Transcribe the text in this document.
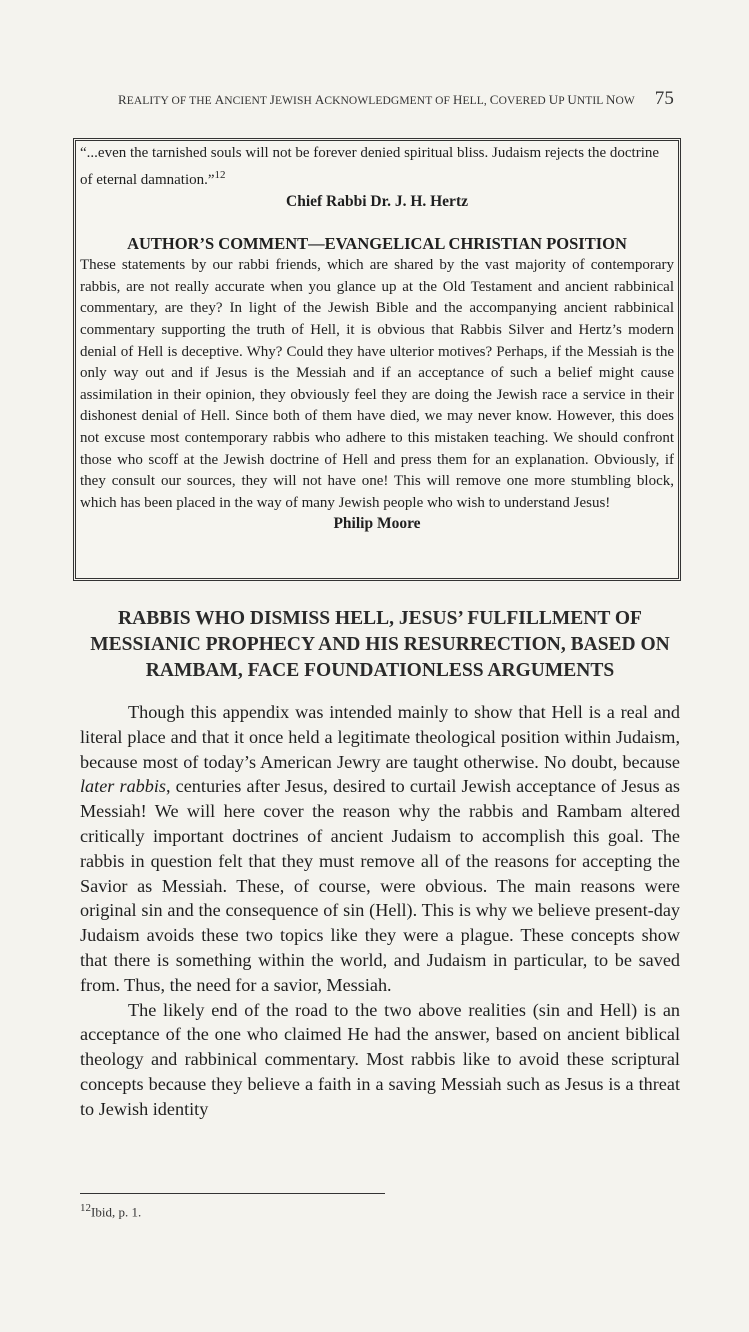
REALITY OF THE ANCIENT JEWISH ACKNOWLEDGMENT OF HELL, COVERED UP UNTIL NOW 75

“...even the tarnished souls will not be forever denied spiritual bliss. Judaism rejects the doctrine of eternal damnation.”$^{12}$

Chief Rabbi Dr. J. H. Hertz
AUTHOR’S COMMENT—EVANGELICAL CHRISTIAN POSITION

These statements by our rabbi friends, which are shared by the vast majority of contemporary rabbis, are not really accurate when you glance up at the Old Testament and ancient rabbinical commentary, are they? In light of the Jewish Bible and the accompanying ancient rabbinical commentary supporting the truth of Hell, it is obvious that Rabbis Silver and Hertz’s modern denial of Hell is deceptive. Why? Could they have ulterior motives? Perhaps, if the Messiah is the only way out and if Jesus is the Messiah and if an acceptance of such a belief might cause assimilation in their opinion, they obviously feel they are doing the Jewish race a service in their dishonest denial of Hell. Since both of them have died, we may never know. However, this does not excuse most contemporary rabbis who adhere to this mistaken teaching. We should confront those who scoff at the Jewish doctrine of Hell and press them for an explanation. Obviously, if they consult our sources, they will not have one! This will remove one more stumbling block, which has been placed in the way of many Jewish people who wish to understand Jesus!

Philip Moore
RABBIS WHO DISMISS HELL, JESUS’ FULFILLMENT OF MESSIANIC PROPHECY AND HIS RESURRECTION, BASED ON RAMBAM, FACE FOUNDATIONLESS ARGUMENTS

Though this appendix was intended mainly to show that Hell is a real and literal place and that it once held a legitimate theological position within Judaism, because most of today’s American Jewry are taught otherwise. No doubt, because later rabbis, centuries after Jesus, desired to curtail Jewish acceptance of Jesus as Messiah! We will here cover the reason why the rabbis and Rambam altered critically important doctrines of ancient Judaism to accomplish this goal. The rabbis in question felt that they must remove all of the reasons for accepting the Savior as Messiah. These, of course, were obvious. The main reasons were original sin and the consequence of sin (Hell). This is why we believe present-day Judaism avoids these two topics like they were a plague. These concepts show that there is something within the world, and Judaism in particular, to be saved from. Thus, the need for a savior, Messiah.

The likely end of the road to the two above realities (sin and Hell) is an acceptance of the one who claimed He had the answer, based on ancient biblical theology and rabbinical commentary. Most rabbis like to avoid these scriptural concepts because they believe a faith in a saving Messiah such as Jesus is a threat to Jewish identity

$^{12}$Ibid, p. 1.
